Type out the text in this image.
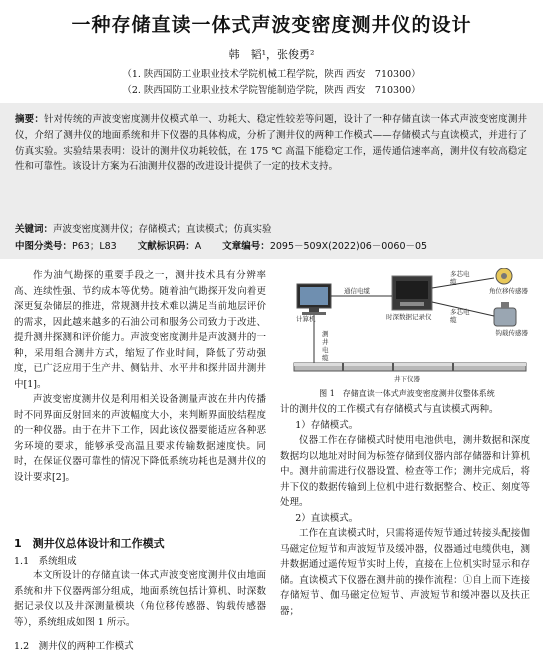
一种存储直读一体式声波变密度测井仪的设计
韩　韬¹，张俊勇²
（1. 陕西国防工业职业技术学院机械工程学院，陕西 西安　710300）
（2. 陕西国防工业职业技术学院智能制造学院，陕西 西安　710300）
摘要：针对传统的声波变密度测井仪模式单一、功耗大、稳定性较差等问题，设计了一种存储直读一体式声波变密度测井仪，介绍了测井仪的地面系统和井下仪器的具体构成，分析了测井仪的两种工作模式——存储模式与直读模式，并进行了仿真实验。实验结果表明：设计的测井仪功耗较低，在 175 ℃ 高温下能稳定工作，遥传通信速率高，测井仪有较高稳定性和可靠性。该设计方案为石油测井仪器的改进设计提供了一定的技术支持。
关键词：声波变密度测井仪；存储模式；直读模式；仿真实验
中图分类号：P63；L83 文献标识码：A 文章编号：2095－509X(2022)06－0060－05

作为油气勘探的重要手段之一，测井技术具有分辨率高、连续性强、节约成本等优势。随着油气勘探开发向着更深更复杂储层的推进，常规测井技术难以满足当前地层评价的需求，因此越来越多的石油公司和服务公司致力于改进、提升测井探测和评价能力。声波变密度测井是声波测井的一种，采用组合测井方式，缩短了作业时间，降低了劳动强度，已广泛应用于生产井、侧钻井、水平井和探井固井测井中[1]。

声波变密度测井仪是利用相关设备测量声波在井内传播时不同界面反射回来的声波幅度大小，来判断界面胶结程度的一种仪器。由于在井下工作，因此该仪器要能适应各种恶劣环境的要求，能够承受高温且要求传输数据速度快。同时，在保证仪器可靠性的情况下降低系统功耗也是测井仪的设计要求[2]。

1　测井仪总体设计和工作模式
1.1　系统组成

本文所设计的存储直读一体式声波变密度测井仪由地面系统和井下仪器两部分组成，地面系统包括计算机、时深数据记录仪以及井深测量模块（角位移传感器、钩载传感器等），系统组成如图 1 所示。

1.2　测井仪的两种工作模式
计算机
通信电缆
时深数据记录仪
多芯电缆
多芯电缆
角位移传感器
钩载传感器
测井电缆
井下仪器
图 1　存储直读一体式声波变密度测井仪整体系统

计的测井仪的工作模式有存储模式与直读模式两种。

1）存储模式。

仪器工作在存储模式时使用电池供电，测井数据和深度数据均以地址对时间为标签存储到仪器内部存储器和计算机中。测井前需进行仪器设置、检查等工作；测井完成后，将井下仪的数据传输到上位机中进行数据整合、校正、刻度等处理。

2）直读模式。

工作在直读模式时，只需将遥传短节通过转接头配接伽马磁定位短节和声波短节及缓冲器，仪器通过电缆供电，测井数据通过遥传短节实时上传，直接在上位机实时显示和存储。直读模式下仪器在测井前的操作流程：①自上而下连接存储短节、伽马磁定位短节、声波短节和缓冲器以及扶正器；
